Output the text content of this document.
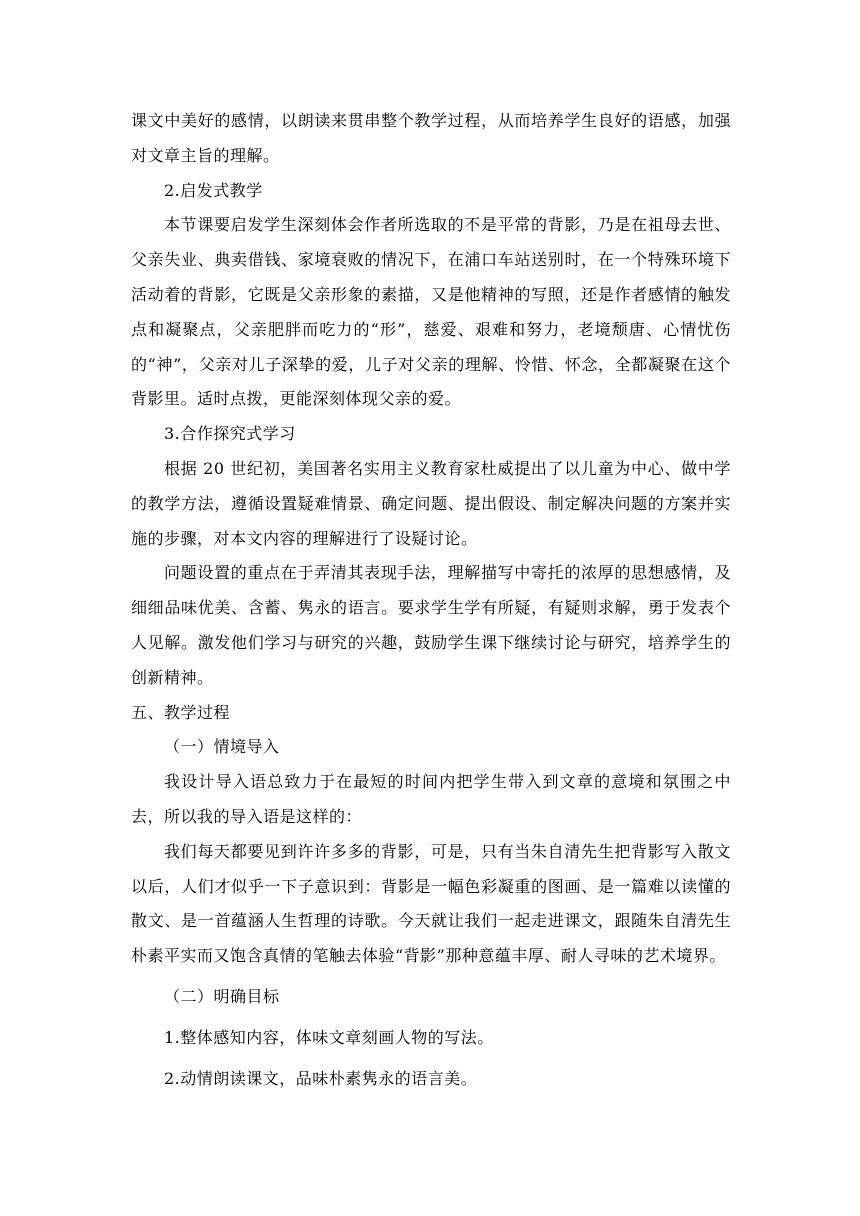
课文中美好的感情，以朗读来贯串整个教学过程，从而培养学生良好的语感，加强对文章主旨的理解。

2.启发式教学

本节课要启发学生深刻体会作者所选取的不是平常的背影，乃是在祖母去世、父亲失业、典卖借钱、家境衰败的情况下，在浦口车站送别时，在一个特殊环境下活动着的背影，它既是父亲形象的素描，又是他精神的写照，还是作者感情的触发点和凝聚点，父亲肥胖而吃力的“形”，慈爱、艰难和努力，老境颓唐、心情忧伤的“神”，父亲对儿子深挚的爱，儿子对父亲的理解、怜惜、怀念，全都凝聚在这个背影里。适时点拨，更能深刻体现父亲的爱。

3.合作探究式学习

根据 20 世纪初，美国著名实用主义教育家杜威提出了以儿童为中心、做中学的教学方法，遵循设置疑难情景、确定问题、提出假设、制定解决问题的方案并实施的步骤，对本文内容的理解进行了设疑讨论。

问题设置的重点在于弄清其表现手法，理解描写中寄托的浓厚的思想感情，及细细品味优美、含蓄、隽永的语言。要求学生学有所疑，有疑则求解，勇于发表个人见解。激发他们学习与研究的兴趣，鼓励学生课下继续讨论与研究，培养学生的创新精神。

五、教学过程

（一）情境导入

我设计导入语总致力于在最短的时间内把学生带入到文章的意境和氛围之中去，所以我的导入语是这样的：

我们每天都要见到许许多多的背影，可是，只有当朱自清先生把背影写入散文以后，人们才似乎一下子意识到：背影是一幅色彩凝重的图画、是一篇难以读懂的散文、是一首蕴涵人生哲理的诗歌。今天就让我们一起走进课文，跟随朱自清先生朴素平实而又饱含真情的笔触去体验“背影”那种意蕴丰厚、耐人寻味的艺术境界。

（二）明确目标

1.整体感知内容，体味文章刻画人物的写法。

2.动情朗读课文，品味朴素隽永的语言美。
